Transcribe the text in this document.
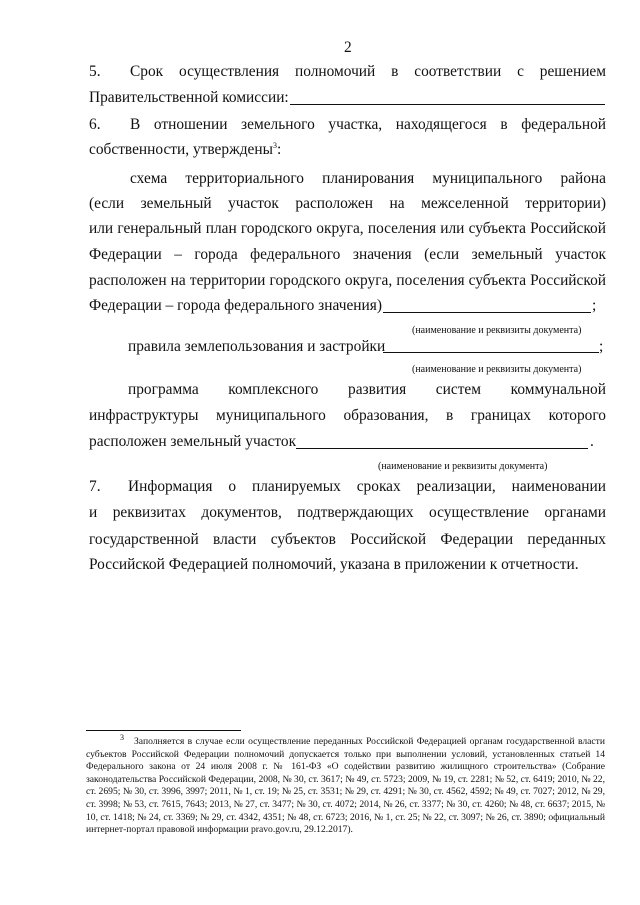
2
5. Срок осуществления полномочий в соответствии с решением
Правительственной комиссии:
6. В отношении земельного участка, находящегося в федеральной
собственности, утверждены$^3$:
схема территориального планирования муниципального района
(если земельный участок расположен на межселенной территории)
или генеральный план городского округа, поселения или субъекта Российской
Федерации – города федерального значения (если земельный участок
расположен на территории городского округа, поселения субъекта Российской
Федерации – города федерального значения)	;
(наименование и реквизиты документа)
правила землепользования и застройки	;
(наименование и реквизиты документа)
программа комплексного развития систем коммунальной
инфраструктуры муниципального образования, в границах которого
расположен земельный участок	.
(наименование и реквизиты документа)
7. Информация о планируемых сроках реализации, наименовании
и реквизитах документов, подтверждающих осуществление органами
государственной власти субъектов Российской Федерации переданных
Российской Федерацией полномочий, указана в приложении к отчетности.
$^3$ Заполняется в случае если осуществление переданных Российской Федерацией органам государственной власти субъектов Российской Федерации полномочий допускается только при выполнении условий, установленных статьей 14 Федерального закона от 24 июля 2008 г. № 161-ФЗ «О содействии развитию жилищного строительства» (Собрание законодательства Российской Федерации, 2008, № 30, ст. 3617; № 49, ст. 5723; 2009, № 19, ст. 2281; № 52, ст. 6419; 2010, № 22, ст. 2695; № 30, ст. 3996, 3997; 2011, № 1, ст. 19; № 25, ст. 3531; № 29, ст. 4291; № 30, ст. 4562, 4592; № 49, ст. 7027; 2012, № 29, ст. 3998; № 53, ст. 7615, 7643; 2013, № 27, ст. 3477; № 30, ст. 4072; 2014, № 26, ст. 3377; № 30, ст. 4260; № 48, ст. 6637; 2015, № 10, ст. 1418; № 24, ст. 3369; № 29, ст. 4342, 4351; № 48, ст. 6723; 2016, № 1, ст. 25; № 22, ст. 3097; № 26, ст. 3890; официальный интернет-портал правовой информации pravo.gov.ru, 29.12.2017).
